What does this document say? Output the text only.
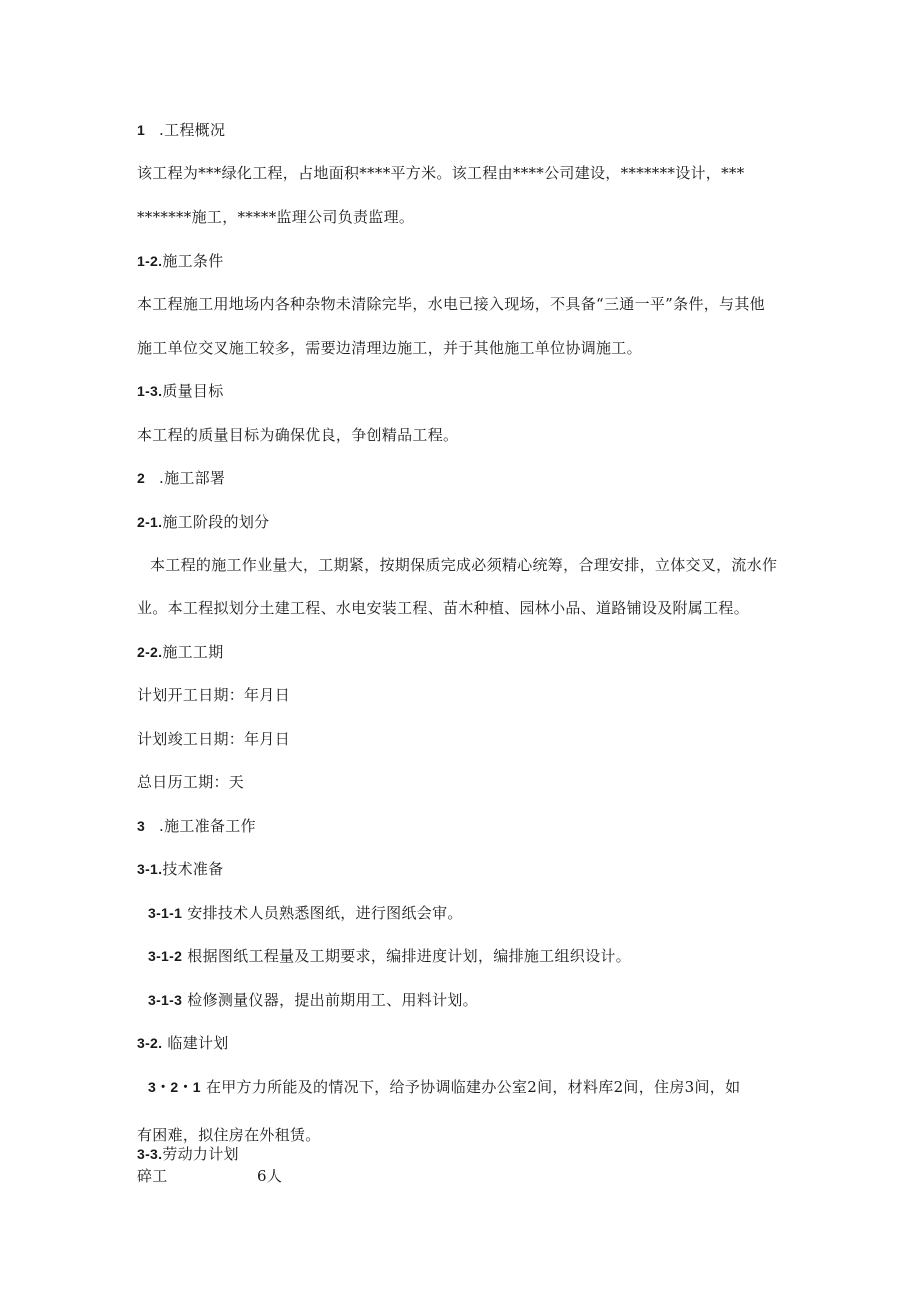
1 .工程概况
该工程为***绿化工程，占地面积****平方米。该工程由****公司建设，*******设计，***
*******施工，*****监理公司负责监理。
1-2.施工条件
本工程施工用地场内各种杂物未清除完毕，水电已接入现场，不具备“三通一平”条件，与其他
施工单位交叉施工较多，需要边清理边施工，并于其他施工单位协调施工。
1-3.质量目标
本工程的质量目标为确保优良，争创精品工程。
2 .施工部署
2-1.施工阶段的划分
本工程的施工作业量大，工期紧，按期保质完成必须精心统筹，合理安排，立体交叉，流水作
业。本工程拟划分土建工程、水电安装工程、苗木种植、园林小品、道路铺设及附属工程。
2-2.施工工期
计划开工日期：年月日
计划竣工日期：年月日
总日历工期：天
3 .施工准备工作
3-1.技术准备
3-1-1 安排技术人员熟悉图纸，进行图纸会审。
3-1-2 根据图纸工程量及工期要求，编排进度计划，编排施工组织设计。
3-1-3 检修测量仪器，提出前期用工、用料计划。
3-2. 临建计划
3・2・1 在甲方力所能及的情况下，给予协调临建办公室2间，材料库2间，住房3间，如
有困难，拟住房在外租赁。
3-3.劳动力计划
碎工	6人
